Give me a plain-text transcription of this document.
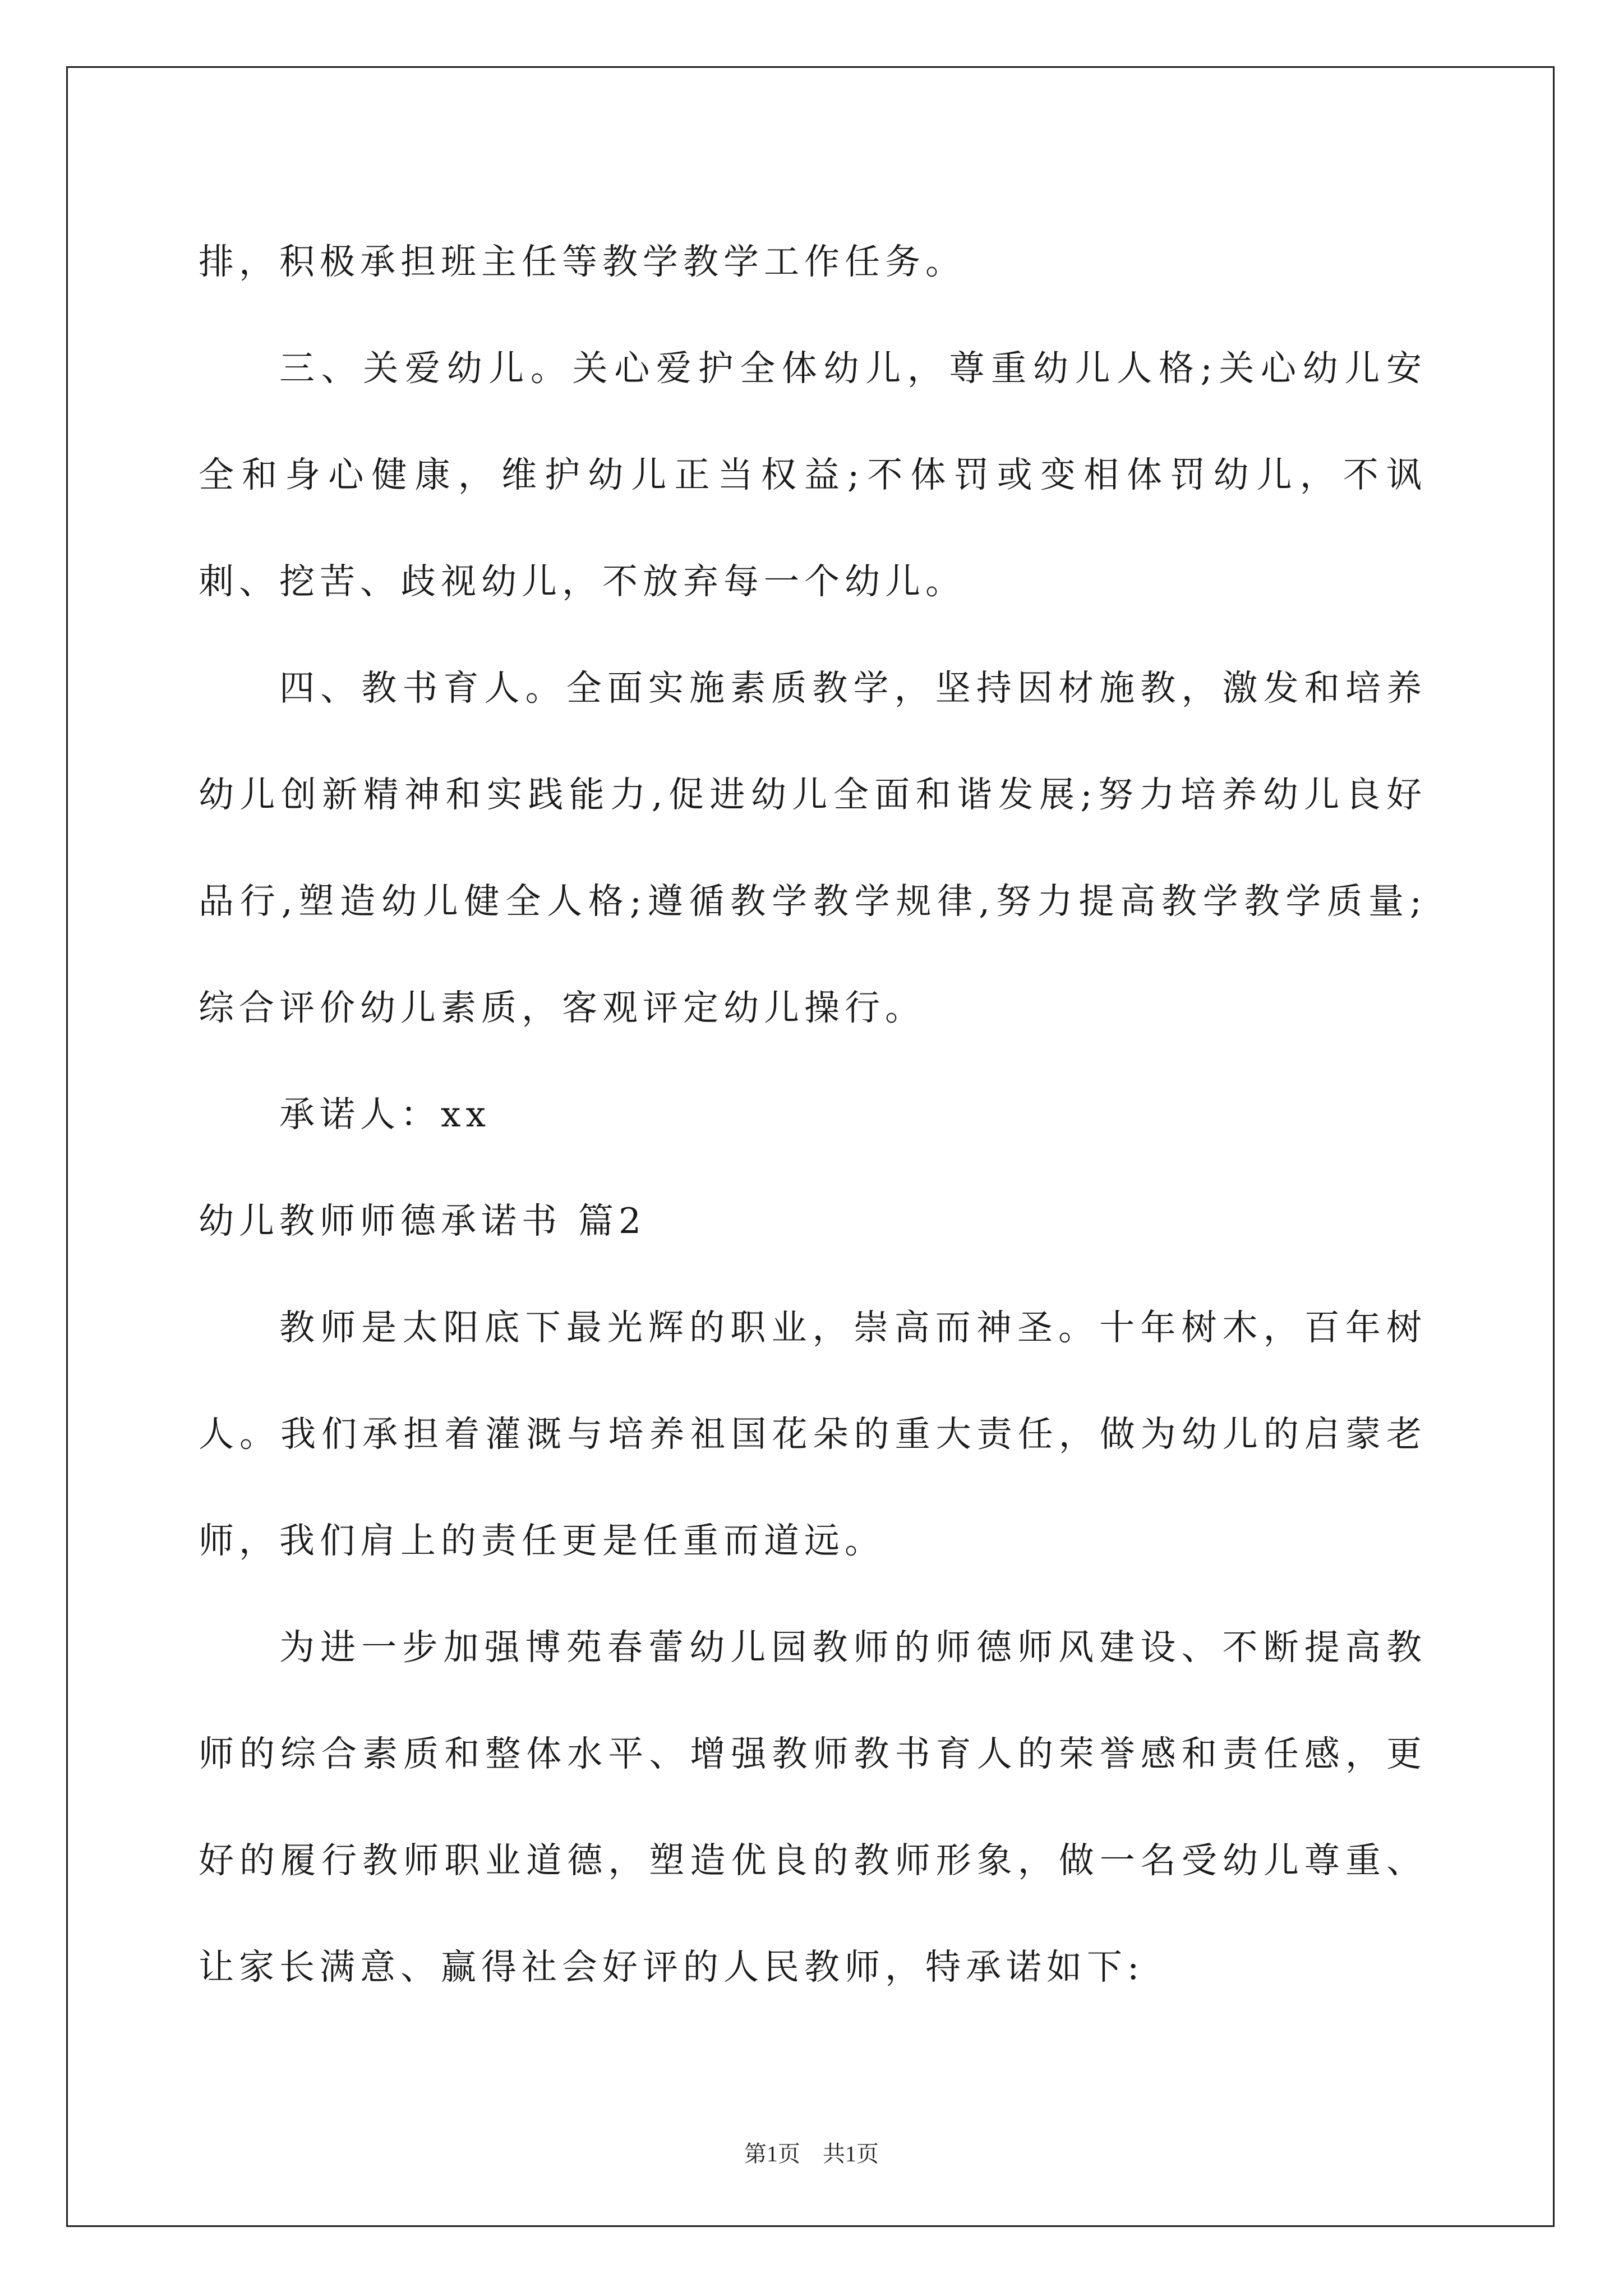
排，积极承担班主任等教学教学工作任务。

三、关爱幼儿。关心爱护全体幼儿，尊重幼儿人格;关心幼儿安全和身心健康，维护幼儿正当权益;不体罚或变相体罚幼儿，不讽刺、挖苦、歧视幼儿，不放弃每一个幼儿。

四、教书育人。全面实施素质教学，坚持因材施教，激发和培养幼儿创新精神和实践能力,促进幼儿全面和谐发展;努力培养幼儿良好品行,塑造幼儿健全人格;遵循教学教学规律,努力提高教学教学质量;综合评价幼儿素质，客观评定幼儿操行。

承诺人：xx

幼儿教师师德承诺书 篇2

教师是太阳底下最光辉的职业，崇高而神圣。十年树木，百年树人。我们承担着灌溉与培养祖国花朵的重大责任，做为幼儿的启蒙老师，我们肩上的责任更是任重而道远。

为进一步加强博苑春蕾幼儿园教师的师德师风建设、不断提高教师的综合素质和整体水平、增强教师教书育人的荣誉感和责任感，更好的履行教师职业道德，塑造优良的教师形象，做一名受幼儿尊重、让家长满意、赢得社会好评的人民教师，特承诺如下:

第1页　共1页
